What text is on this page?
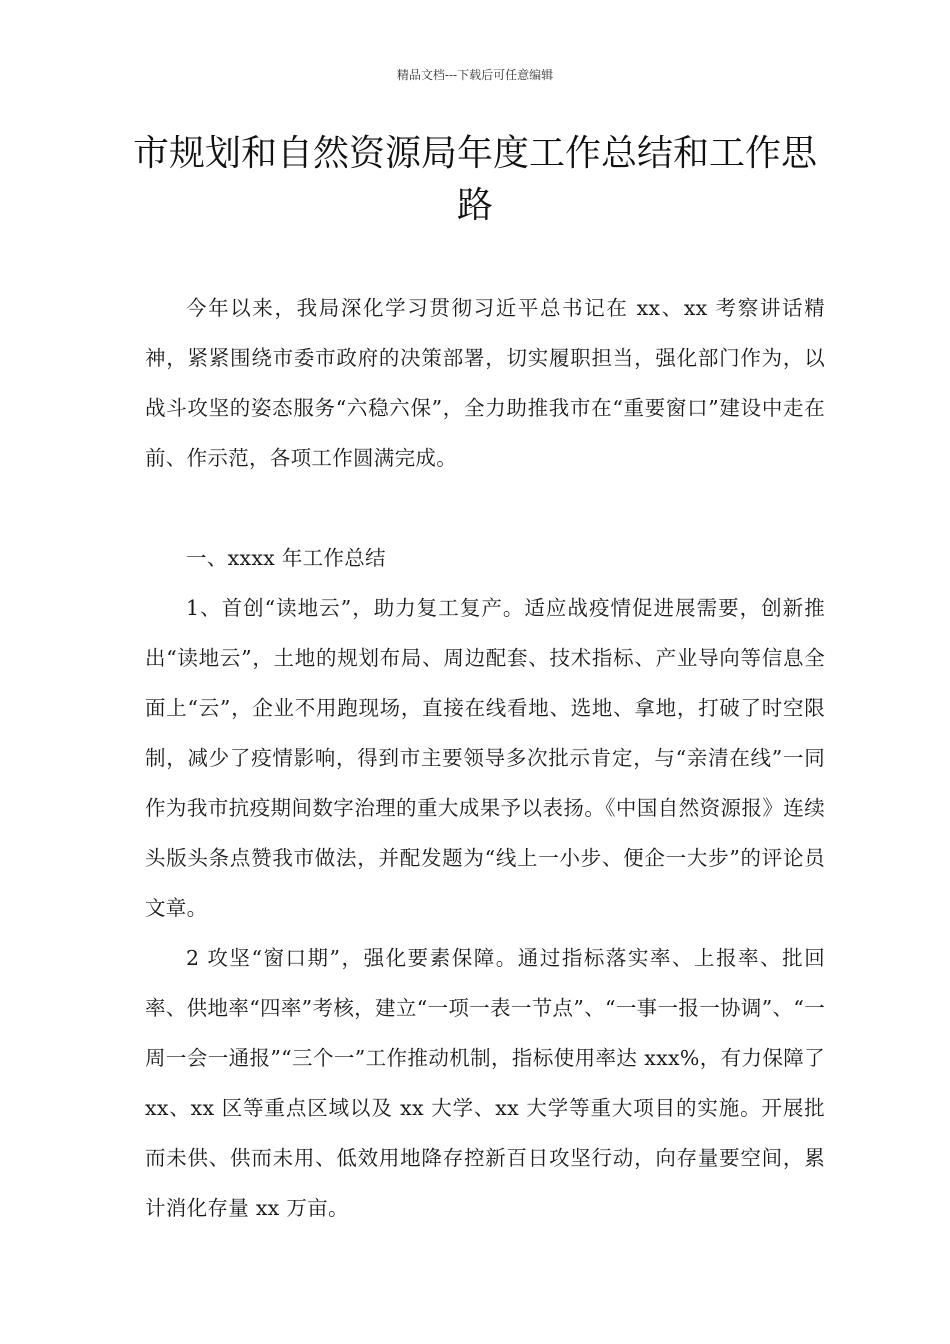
精品文档---下载后可任意编辑
市规划和自然资源局年度工作总结和工作思路

今年以来，我局深化学习贯彻习近平总书记在 xx、xx 考察讲话精神，紧紧围绕市委市政府的决策部署，切实履职担当，强化部门作为，以战斗攻坚的姿态服务“六稳六保”，全力助推我市在“重要窗口”建设中走在前、作示范，各项工作圆满完成。

一、xxxx 年工作总结

1、首创“读地云”，助力复工复产。适应战疫情促进展需要，创新推出“读地云”，土地的规划布局、周边配套、技术指标、产业导向等信息全面上“云”，企业不用跑现场，直接在线看地、选地、拿地，打破了时空限制，减少了疫情影响，得到市主要领导多次批示肯定，与“亲清在线”一同作为我市抗疫期间数字治理的重大成果予以表扬。《中国自然资源报》连续头版头条点赞我市做法，并配发题为“线上一小步、便企一大步”的评论员文章。

2 攻坚“窗口期”，强化要素保障。通过指标落实率、上报率、批回率、供地率“四率”考核，建立“一项一表一节点”、“一事一报一协调”、“一周一会一通报”“三个一”工作推动机制，指标使用率达 xxx%，有力保障了 xx、xx 区等重点区域以及 xx 大学、xx 大学等重大项目的实施。开展批而未供、供而未用、低效用地降存控新百日攻坚行动，向存量要空间，累计消化存量 xx 万亩。
